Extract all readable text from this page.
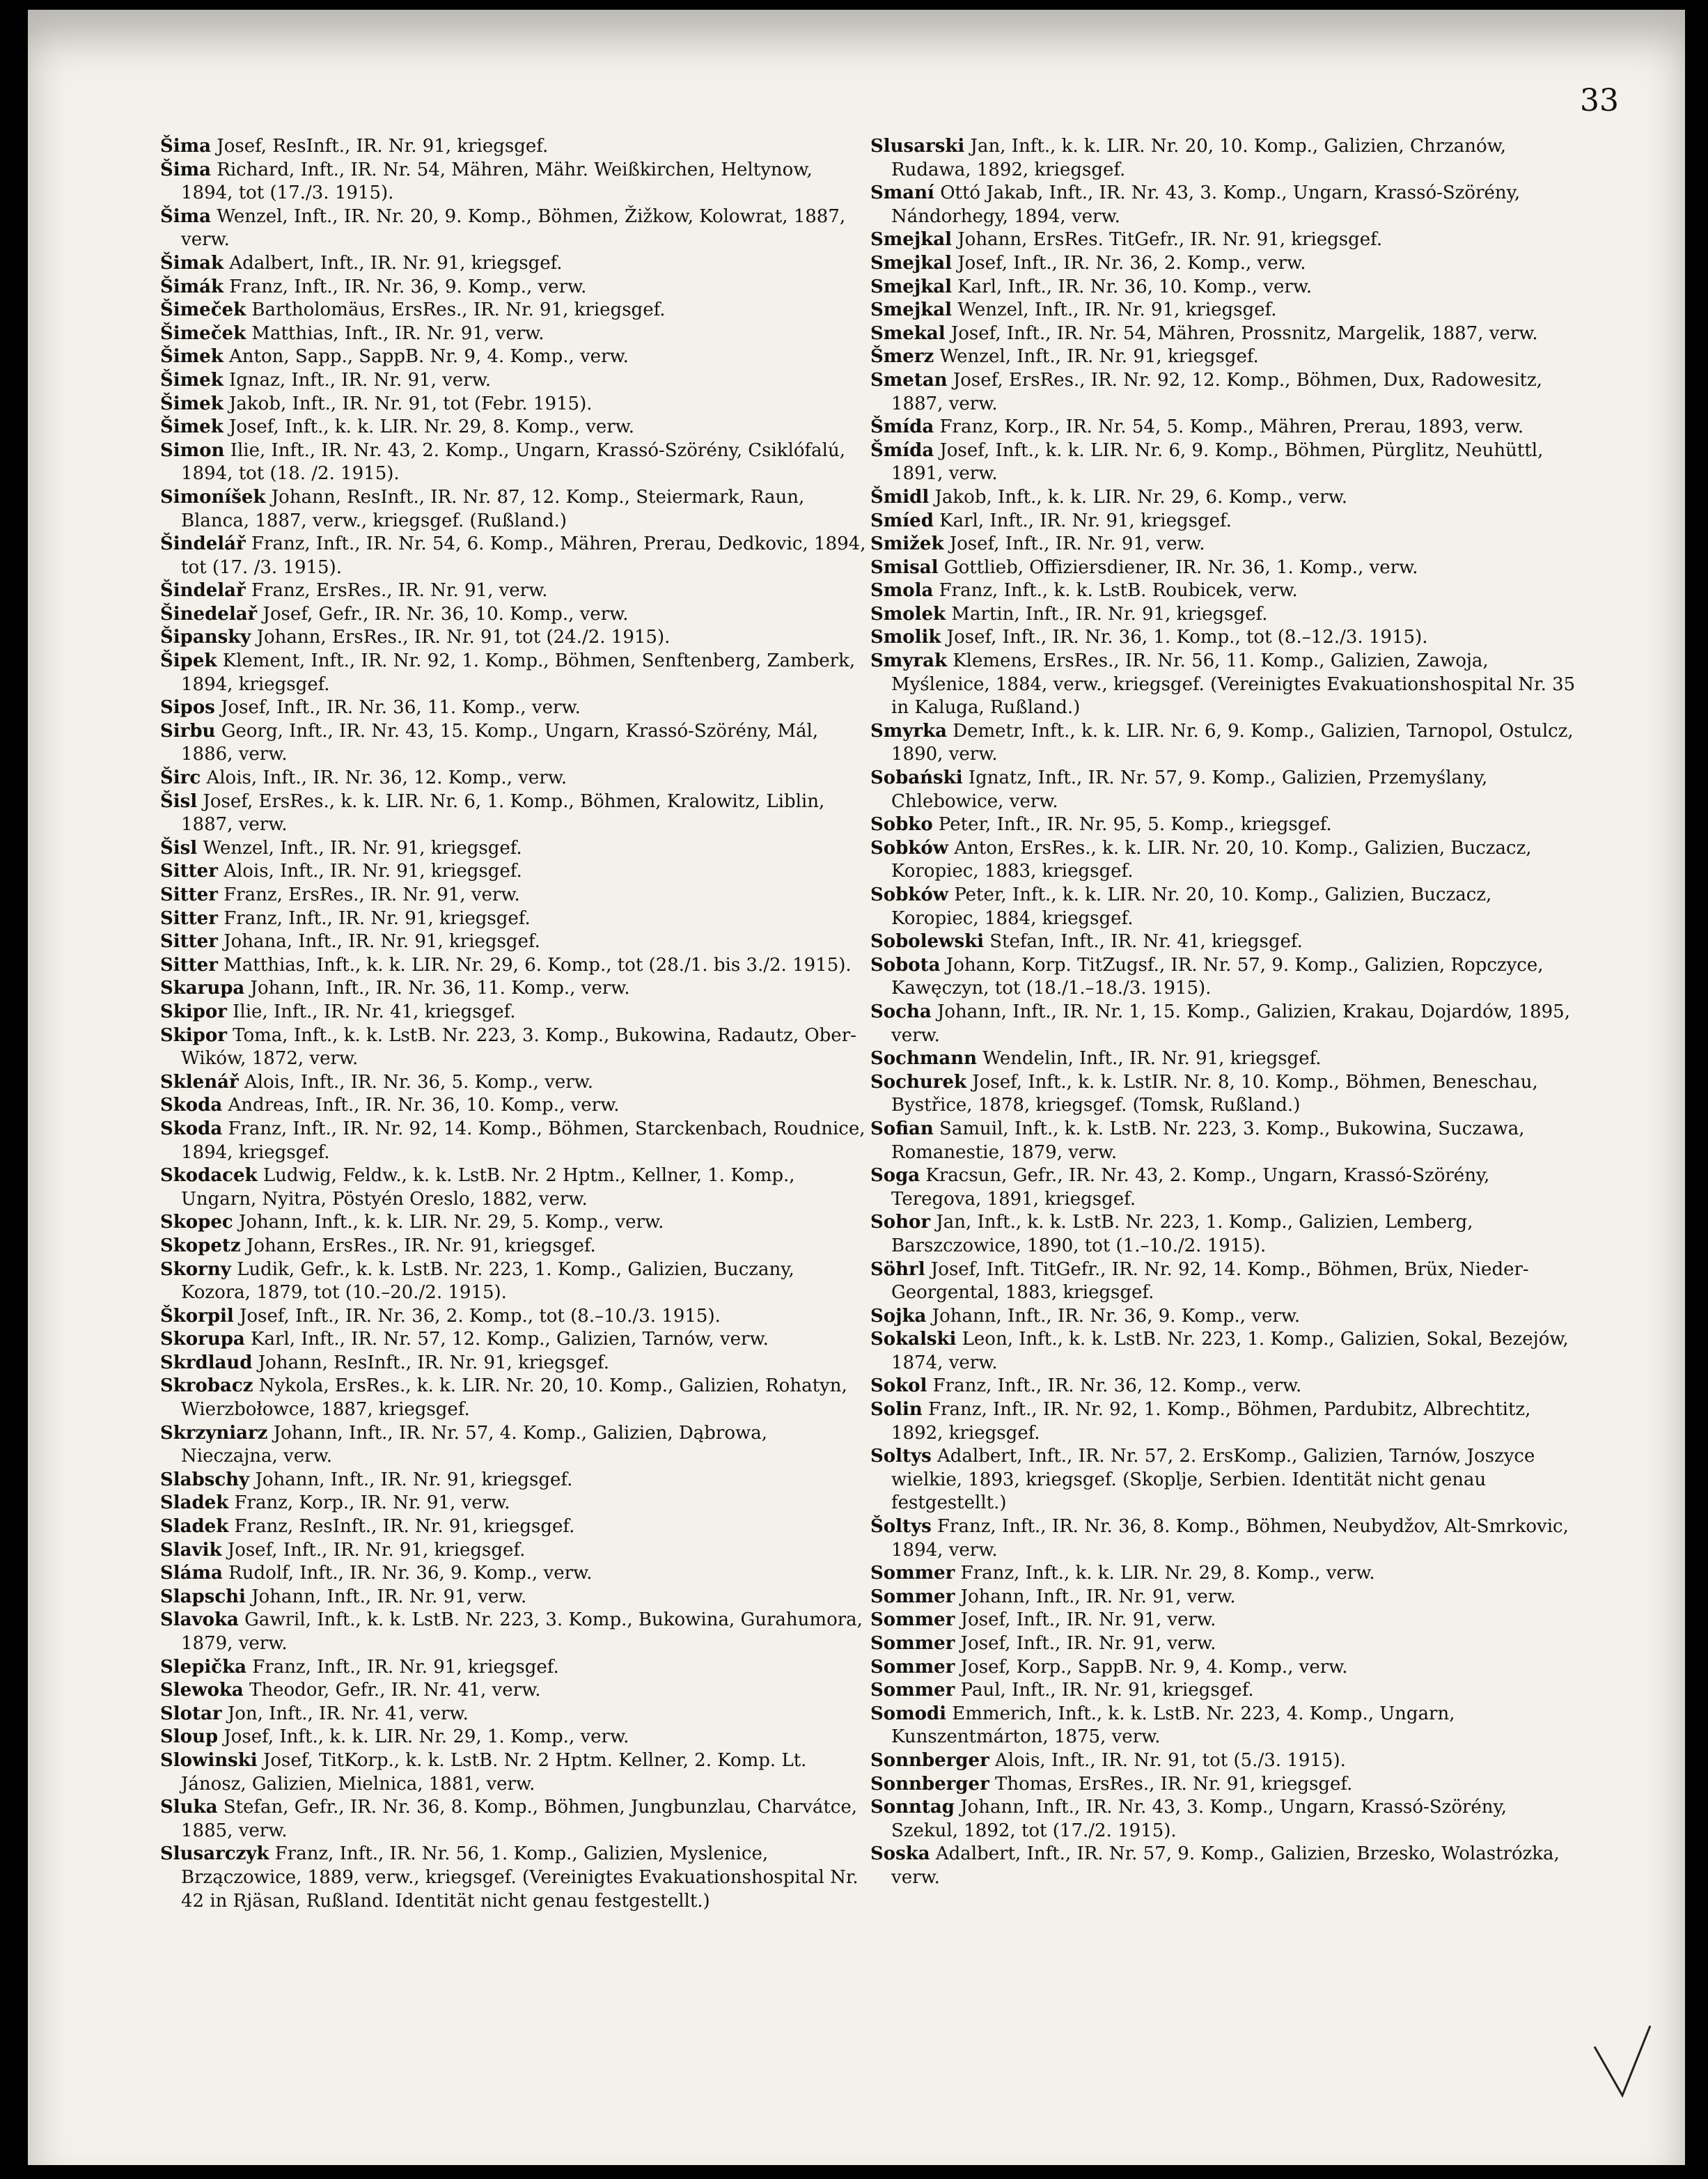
33
Šima Josef, ResInft., IR. Nr. 91, kriegsgef.
Šima Richard, Inft., IR. Nr. 54, Mähren, Mähr. Weißkirchen, Heltynow, 1894, tot (17./3. 1915).
Šima Wenzel, Inft., IR. Nr. 20, 9. Komp., Böhmen, Žižkow, Kolowrat, 1887, verw.
Šimak Adalbert, Inft., IR. Nr. 91, kriegsgef.
Šimák Franz, Inft., IR. Nr. 36, 9. Komp., verw.
Šimeček Bartholomäus, ErsRes., IR. Nr. 91, kriegsgef.
Šimeček Matthias, Inft., IR. Nr. 91, verw.
Šimek Anton, Sapp., SappB. Nr. 9, 4. Komp., verw.
Šimek Ignaz, Inft., IR. Nr. 91, verw.
Šimek Jakob, Inft., IR. Nr. 91, tot (Febr. 1915).
Šimek Josef, Inft., k. k. LIR. Nr. 29, 8. Komp., verw.
Simon Ilie, Inft., IR. Nr. 43, 2. Komp., Ungarn, Krassó-Szörény, Csiklófalú, 1894, tot (18. /2. 1915).
Simoníšek Johann, ResInft., IR. Nr. 87, 12. Komp., Steiermark, Raun, Blanca, 1887, verw., kriegsgef. (Rußland.)
Šindelář Franz, Inft., IR. Nr. 54, 6. Komp., Mähren, Prerau, Dedkovic, 1894, tot (17. /3. 1915).
Šindelař Franz, ErsRes., IR. Nr. 91, verw.
Šinedelař Josef, Gefr., IR. Nr. 36, 10. Komp., verw.
Šipansky Johann, ErsRes., IR. Nr. 91, tot (24./2. 1915).
Šipek Klement, Inft., IR. Nr. 92, 1. Komp., Böhmen, Senftenberg, Zamberk, 1894, kriegsgef.
Sipos Josef, Inft., IR. Nr. 36, 11. Komp., verw.
Sirbu Georg, Inft., IR. Nr. 43, 15. Komp., Ungarn, Krassó-Szörény, Mál, 1886, verw.
Širc Alois, Inft., IR. Nr. 36, 12. Komp., verw.
Šisl Josef, ErsRes., k. k. LIR. Nr. 6, 1. Komp., Böhmen, Kralowitz, Liblin, 1887, verw.
Šisl Wenzel, Inft., IR. Nr. 91, kriegsgef.
Sitter Alois, Inft., IR. Nr. 91, kriegsgef.
Sitter Franz, ErsRes., IR. Nr. 91, verw.
Sitter Franz, Inft., IR. Nr. 91, kriegsgef.
Sitter Johana, Inft., IR. Nr. 91, kriegsgef.
Sitter Matthias, Inft., k. k. LIR. Nr. 29, 6. Komp., tot (28./1. bis 3./2. 1915).
Skarupa Johann, Inft., IR. Nr. 36, 11. Komp., verw.
Skipor Ilie, Inft., IR. Nr. 41, kriegsgef.
Skipor Toma, Inft., k. k. LstB. Nr. 223, 3. Komp., Bukowina, Radautz, Ober-Wików, 1872, verw.
Sklenář Alois, Inft., IR. Nr. 36, 5. Komp., verw.
Skoda Andreas, Inft., IR. Nr. 36, 10. Komp., verw.
Skoda Franz, Inft., IR. Nr. 92, 14. Komp., Böhmen, Starckenbach, Roudnice, 1894, kriegsgef.
Skodacek Ludwig, Feldw., k. k. LstB. Nr. 2 Hptm., Kellner, 1. Komp., Ungarn, Nyitra, Pöstyén Oreslo, 1882, verw.
Skopec Johann, Inft., k. k. LIR. Nr. 29, 5. Komp., verw.
Skopetz Johann, ErsRes., IR. Nr. 91, kriegsgef.
Skorny Ludik, Gefr., k. k. LstB. Nr. 223, 1. Komp., Galizien, Buczany, Kozora, 1879, tot (10.–20./2. 1915).
Škorpil Josef, Inft., IR. Nr. 36, 2. Komp., tot (8.–10./3. 1915).
Skorupa Karl, Inft., IR. Nr. 57, 12. Komp., Galizien, Tarnów, verw.
Skrdlaud Johann, ResInft., IR. Nr. 91, kriegsgef.
Skrobacz Nykola, ErsRes., k. k. LIR. Nr. 20, 10. Komp., Galizien, Rohatyn, Wierzbołowce, 1887, kriegsgef.
Skrzyniarz Johann, Inft., IR. Nr. 57, 4. Komp., Galizien, Dąbrowa, Nieczajna, verw.
Slabschy Johann, Inft., IR. Nr. 91, kriegsgef.
Sladek Franz, Korp., IR. Nr. 91, verw.
Sladek Franz, ResInft., IR. Nr. 91, kriegsgef.
Slavik Josef, Inft., IR. Nr. 91, kriegsgef.
Sláma Rudolf, Inft., IR. Nr. 36, 9. Komp., verw.
Slapschi Johann, Inft., IR. Nr. 91, verw.
Slavoka Gawril, Inft., k. k. LstB. Nr. 223, 3. Komp., Bukowina, Gurahumora, 1879, verw.
Slepička Franz, Inft., IR. Nr. 91, kriegsgef.
Slewoka Theodor, Gefr., IR. Nr. 41, verw.
Slotar Jon, Inft., IR. Nr. 41, verw.
Sloup Josef, Inft., k. k. LIR. Nr. 29, 1. Komp., verw.
Slowinski Josef, TitKorp., k. k. LstB. Nr. 2 Hptm. Kellner, 2. Komp. Lt. Jánosz, Galizien, Mielnica, 1881, verw.
Sluka Stefan, Gefr., IR. Nr. 36, 8. Komp., Böhmen, Jungbunzlau, Charvátce, 1885, verw.
Slusarczyk Franz, Inft., IR. Nr. 56, 1. Komp., Galizien, Myslenice, Brzączowice, 1889, verw., kriegsgef. (Vereinigtes Evakuationshospital Nr. 42 in Rjäsan, Rußland. Identität nicht genau festgestellt.)
Slusarski Jan, Inft., k. k. LIR. Nr. 20, 10. Komp., Galizien, Chrzanów, Rudawa, 1892, kriegsgef.
Smaní Ottó Jakab, Inft., IR. Nr. 43, 3. Komp., Ungarn, Krassó-Szörény, Nándorhegy, 1894, verw.
Smejkal Johann, ErsRes. TitGefr., IR. Nr. 91, kriegsgef.
Smejkal Josef, Inft., IR. Nr. 36, 2. Komp., verw.
Smejkal Karl, Inft., IR. Nr. 36, 10. Komp., verw.
Smejkal Wenzel, Inft., IR. Nr. 91, kriegsgef.
Smekal Josef, Inft., IR. Nr. 54, Mähren, Prossnitz, Margelik, 1887, verw.
Šmerz Wenzel, Inft., IR. Nr. 91, kriegsgef.
Smetan Josef, ErsRes., IR. Nr. 92, 12. Komp., Böhmen, Dux, Radowesitz, 1887, verw.
Šmída Franz, Korp., IR. Nr. 54, 5. Komp., Mähren, Prerau, 1893, verw.
Šmída Josef, Inft., k. k. LIR. Nr. 6, 9. Komp., Böhmen, Pürglitz, Neuhüttl, 1891, verw.
Šmidl Jakob, Inft., k. k. LIR. Nr. 29, 6. Komp., verw.
Smíed Karl, Inft., IR. Nr. 91, kriegsgef.
Smižek Josef, Inft., IR. Nr. 91, verw.
Smisal Gottlieb, Offiziersdiener, IR. Nr. 36, 1. Komp., verw.
Smola Franz, Inft., k. k. LstB. Roubicek, verw.
Smolek Martin, Inft., IR. Nr. 91, kriegsgef.
Smolik Josef, Inft., IR. Nr. 36, 1. Komp., tot (8.–12./3. 1915).
Smyrak Klemens, ErsRes., IR. Nr. 56, 11. Komp., Galizien, Zawoja, Myślenice, 1884, verw., kriegsgef. (Vereinigtes Evakuationshospital Nr. 35 in Kaluga, Rußland.)
Smyrka Demetr, Inft., k. k. LIR. Nr. 6, 9. Komp., Galizien, Tarnopol, Ostulcz, 1890, verw.
Sobański Ignatz, Inft., IR. Nr. 57, 9. Komp., Galizien, Przemyślany, Chlebowice, verw.
Sobko Peter, Inft., IR. Nr. 95, 5. Komp., kriegsgef.
Sobków Anton, ErsRes., k. k. LIR. Nr. 20, 10. Komp., Galizien, Buczacz, Koropiec, 1883, kriegsgef.
Sobków Peter, Inft., k. k. LIR. Nr. 20, 10. Komp., Galizien, Buczacz, Koropiec, 1884, kriegsgef.
Sobolewski Stefan, Inft., IR. Nr. 41, kriegsgef.
Sobota Johann, Korp. TitZugsf., IR. Nr. 57, 9. Komp., Galizien, Ropczyce, Kawęczyn, tot (18./1.–18./3. 1915).
Socha Johann, Inft., IR. Nr. 1, 15. Komp., Galizien, Krakau, Dojardów, 1895, verw.
Sochmann Wendelin, Inft., IR. Nr. 91, kriegsgef.
Sochurek Josef, Inft., k. k. LstIR. Nr. 8, 10. Komp., Böhmen, Beneschau, Bystřice, 1878, kriegsgef. (Tomsk, Rußland.)
Sofian Samuil, Inft., k. k. LstB. Nr. 223, 3. Komp., Bukowina, Suczawa, Romanestie, 1879, verw.
Soga Kracsun, Gefr., IR. Nr. 43, 2. Komp., Ungarn, Krassó-Szörény, Teregova, 1891, kriegsgef.
Sohor Jan, Inft., k. k. LstB. Nr. 223, 1. Komp., Galizien, Lemberg, Barszczowice, 1890, tot (1.–10./2. 1915).
Söhrl Josef, Inft. TitGefr., IR. Nr. 92, 14. Komp., Böhmen, Brüx, Nieder-Georgental, 1883, kriegsgef.
Sojka Johann, Inft., IR. Nr. 36, 9. Komp., verw.
Sokalski Leon, Inft., k. k. LstB. Nr. 223, 1. Komp., Galizien, Sokal, Bezejów, 1874, verw.
Sokol Franz, Inft., IR. Nr. 36, 12. Komp., verw.
Solin Franz, Inft., IR. Nr. 92, 1. Komp., Böhmen, Pardubitz, Albrechtitz, 1892, kriegsgef.
Soltys Adalbert, Inft., IR. Nr. 57, 2. ErsKomp., Galizien, Tarnów, Joszyce wielkie, 1893, kriegsgef. (Skoplje, Serbien. Identität nicht genau festgestellt.)
Šoltys Franz, Inft., IR. Nr. 36, 8. Komp., Böhmen, Neubydžov, Alt-Smrkovic, 1894, verw.
Sommer Franz, Inft., k. k. LIR. Nr. 29, 8. Komp., verw.
Sommer Johann, Inft., IR. Nr. 91, verw.
Sommer Josef, Inft., IR. Nr. 91, verw.
Sommer Josef, Inft., IR. Nr. 91, verw.
Sommer Josef, Korp., SappB. Nr. 9, 4. Komp., verw.
Sommer Paul, Inft., IR. Nr. 91, kriegsgef.
Somodi Emmerich, Inft., k. k. LstB. Nr. 223, 4. Komp., Ungarn, Kunszentmárton, 1875, verw.
Sonnberger Alois, Inft., IR. Nr. 91, tot (5./3. 1915).
Sonnberger Thomas, ErsRes., IR. Nr. 91, kriegsgef.
Sonntag Johann, Inft., IR. Nr. 43, 3. Komp., Ungarn, Krassó-Szörény, Szekul, 1892, tot (17./2. 1915).
Soska Adalbert, Inft., IR. Nr. 57, 9. Komp., Galizien, Brzesko, Wolastrózka, verw.
